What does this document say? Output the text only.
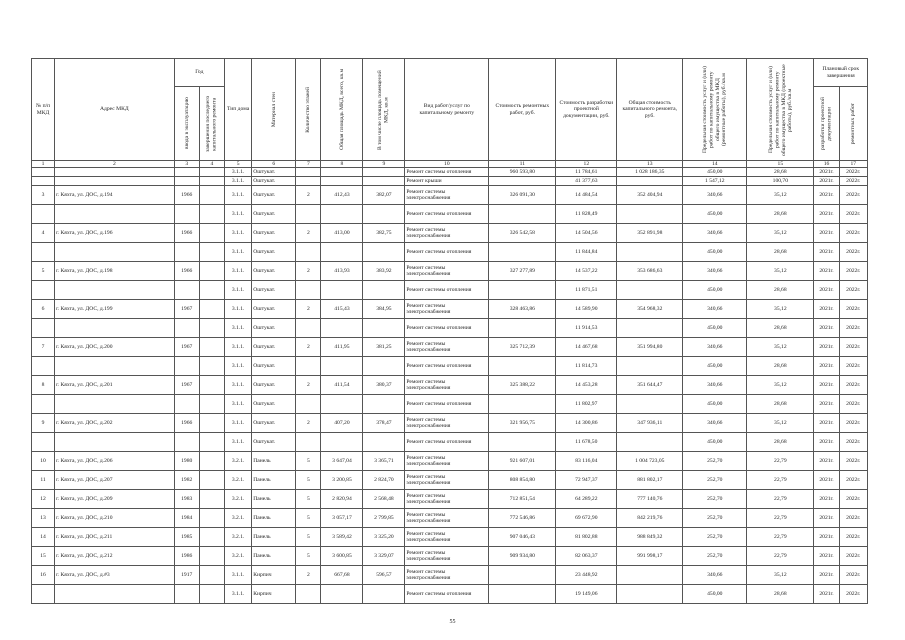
№ п/п МКД	Адрес МКД	Год		Тип дома	Материал стен	Количество этажей	Общая площадь МКД, всего, кв.м	В том числе площадь помещений МКД, кв.м	Вид работ/услуг по капитальному ремонту	Стоимость ремонтных работ, руб.	Стоимость разработки проектной документации, руб.	Общая стоимость капитального ремонта, руб.	Предельная стоимость услуг и (или) работ по капитальному ремонту общего имущества в МКД (ремонтные работы), руб./кв.м	Предельная стоимость услуг и (или) работ по капитальному ремонту общего имущества в МКД (проектные работы), руб./кв.м	Плановый срок завершения	

		ввода в эксплуатацию	завершения последнего капитального ремонта												разработки проектной документации	ремонтных работ

1	2	3	4	5	6	7	8	9	10	11	12	13	14	15	16	17
				3.1.1.	Оштукат.				Ремонт системы отопления	960 593,80	11 784,61	1 028 186,35	450,00	28,68	2021г.	2022г.
				3.1.1.	Оштукат.				Ремонт крыши		41 377,63		1 547,12	100,70	2021г.	2022г.
3	г. Кяхта, ул. ДОС, д.194	1966		3.1.1.	Оштукат.	2	412,43	382,07	Ремонт системы электроснабжения	326 091,30	14 484,54	352 404,94	340,66	35,12	2021г.	2022г.
				3.1.1.	Оштукат.				Ремонт системы отопления		11 828,49		450,00	28,68	2021г.	2022г.
4	г. Кяхта, ул. ДОС, д.196	1966		3.1.1.	Оштукат.	2	413,00	382,75	Ремонт системы электроснабжения	326 542,58	14 504,56	352 891,98	340,66	35,12	2021г.	2022г.
				3.1.1.	Оштукат.				Ремонт системы отопления		11 844,84		450,00	28,68	2021г.	2022г.
5	г. Кяхта, ул. ДОС, д.198	1966		3.1.1.	Оштукат.	2	413,93	383,92	Ремонт системы электроснабжения	327 277,89	14 537,22	353 686,63	340,66	35,12	2021г.	2022г.
				3.1.1.	Оштукат.				Ремонт системы отопления		11 871,51		450,00	28,68	2021г.	2022г.
6	г. Кяхта, ул. ДОС, д.199	1967		3.1.1.	Оштукат.	2	415,43	384,95	Ремонт системы электроснабжения	328 463,86	14 589,90	354 968,32	340,66	35,12	2021г.	2022г.
				3.1.1.	Оштукат.				Ремонт системы отопления		11 914,53		450,00	28,68	2021г.	2022г.
7	г. Кяхта, ул. ДОС, д.200	1967		3.1.1.	Оштукат.	2	411,95	381,25	Ремонт системы электроснабжения	325 712,39	14 467,68	351 994,80	340,66	35,12	2021г.	2022г.
				3.1.1.	Оштукат.				Ремонт системы отопления		11 814,73		450,00	28,68	2021г.	2022г.
8	г. Кяхта, ул. ДОС, д.201	1967		3.1.1.	Оштукат.	2	411,54	380,37	Ремонт системы электроснабжения	325 388,22	14 453,28	351 644,47	340,66	35,12	2021г.	2022г.
				3.1.1.	Оштукат.				Ремонт системы отопления		11 802,97		450,00	28,68	2021г.	2022г.
9	г. Кяхта, ул. ДОС, д.202	1966		3.1.1.	Оштукат.	2	407,20	378,47	Ремонт системы электроснабжения	321 956,75	14 300,86	347 936,11	340,66	35,12	2021г.	2022г.
				3.1.1.	Оштукат.				Ремонт системы отопления		11 678,50		450,00	28,68	2021г.	2022г.
10	г. Кяхта, ул. ДОС, д.206	1980		3.2.1.	Панель	5	3 647,04	3 365,71	Ремонт системы электроснабжения	921 607,01	83 116,04	1 004 723,05	252,70	22,79	2021г.	2022г.
11	г. Кяхта, ул. ДОС, д.207	1982		3.2.1.	Панель	5	3 200,85	2 824,70	Ремонт системы электроснабжения	808 854,80	72 947,37	881 802,17	252,70	22,79	2021г.	2022г.
12	г. Кяхта, ул. ДОС, д.209	1983		3.2.1.	Панель	5	2 820,94	2 568,48	Ремонт системы электроснабжения	712 851,54	64 289,22	777 140,76	252,70	22,79	2021г.	2022г.
13	г. Кяхта, ул. ДОС, д.210	1984		3.2.1.	Панель	5	3 057,17	2 799,85	Ремонт системы электроснабжения	772 546,86	69 672,90	842 219,76	252,70	22,79	2021г.	2022г.
14	г. Кяхта, ул. ДОС, д.211	1985		3.2.1.	Панель	5	3 589,42	3 325,20	Ремонт системы электроснабжения	907 046,43	81 802,88	988 849,32	252,70	22,79	2021г.	2022г.
15	г. Кяхта, ул. ДОС, д.212	1986		3.2.1.	Панель	5	3 600,85	3 329,07	Ремонт системы электроснабжения	909 934,80	82 063,37	991 998,17	252,70	22,79	2021г.	2022г.
16	г. Кяхта, ул. ДОС, д.#3	1917		3.1.1.	Кирпич	2	667,68	596,57	Ремонт системы электроснабжения		23 448,92		340,66	35,12	2021г.	2022г.
				3.1.1.	Кирпич				Ремонт системы отопления		19 149,06		450,00	28,68	2021г.	2022г.
55
